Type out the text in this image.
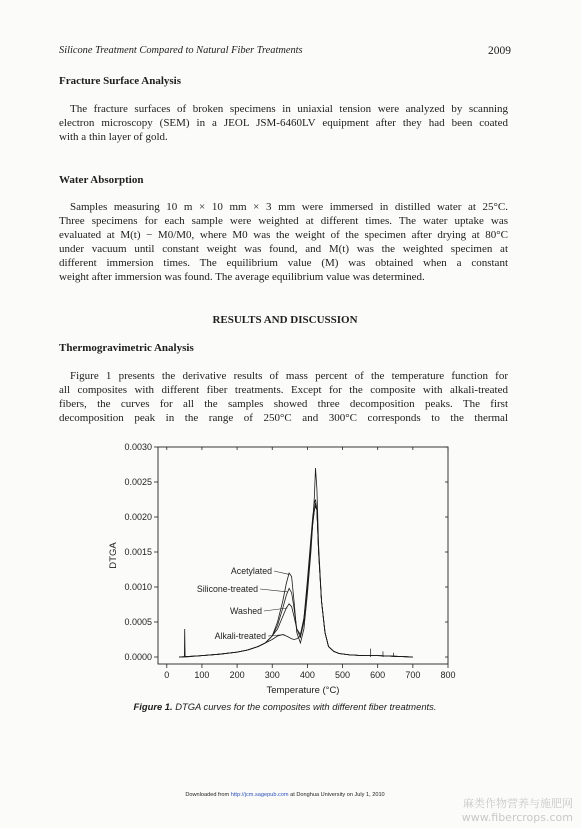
Silicone Treatment Compared to Natural Fiber Treatments	2009
Fracture Surface Analysis
The fracture surfaces of broken specimens in uniaxial tension were analyzed by scanning
electron microscopy (SEM) in a JEOL JSM-6460LV equipment after they had been coated
with a thin layer of gold.
Water Absorption
Samples measuring 10 m × 10 mm × 3 mm were immersed in distilled water at 25°C.
Three specimens for each sample were weighted at different times. The water uptake was
evaluated at M(t) − M0/M0, where M0 was the weight of the specimen after drying at 80°C
under vacuum until constant weight was found, and M(t) was the weighted specimen at
different immersion times. The equilibrium value (M) was obtained when a constant
weight after immersion was found. The average equilibrium value was determined.
RESULTS AND DISCUSSION
Thermogravimetric Analysis
Figure 1 presents the derivative results of mass percent of the temperature function for
all composites with different fiber treatments. Except for the composite with alkali-treated
fibers, the curves for all the samples showed three decomposition peaks. The first
decomposition peak in the range of 250°C and 300°C corresponds to the thermal
0	100 200 300 400 500 600 700 800
0.0000
0.0005
0.0010
0.0015
0.0020
0.0025
0.0030
Temperature (°C)
DTGA
Acetylated
Silicone-treated
Washed
Alkali-treated
Figure 1. DTGA curves for the composites with different fiber treatments.
Downloaded from http://jcm.sagepub.com at Donghua University on July 1, 2010
麻类作物营养与施肥网
www.fibercrops.com
